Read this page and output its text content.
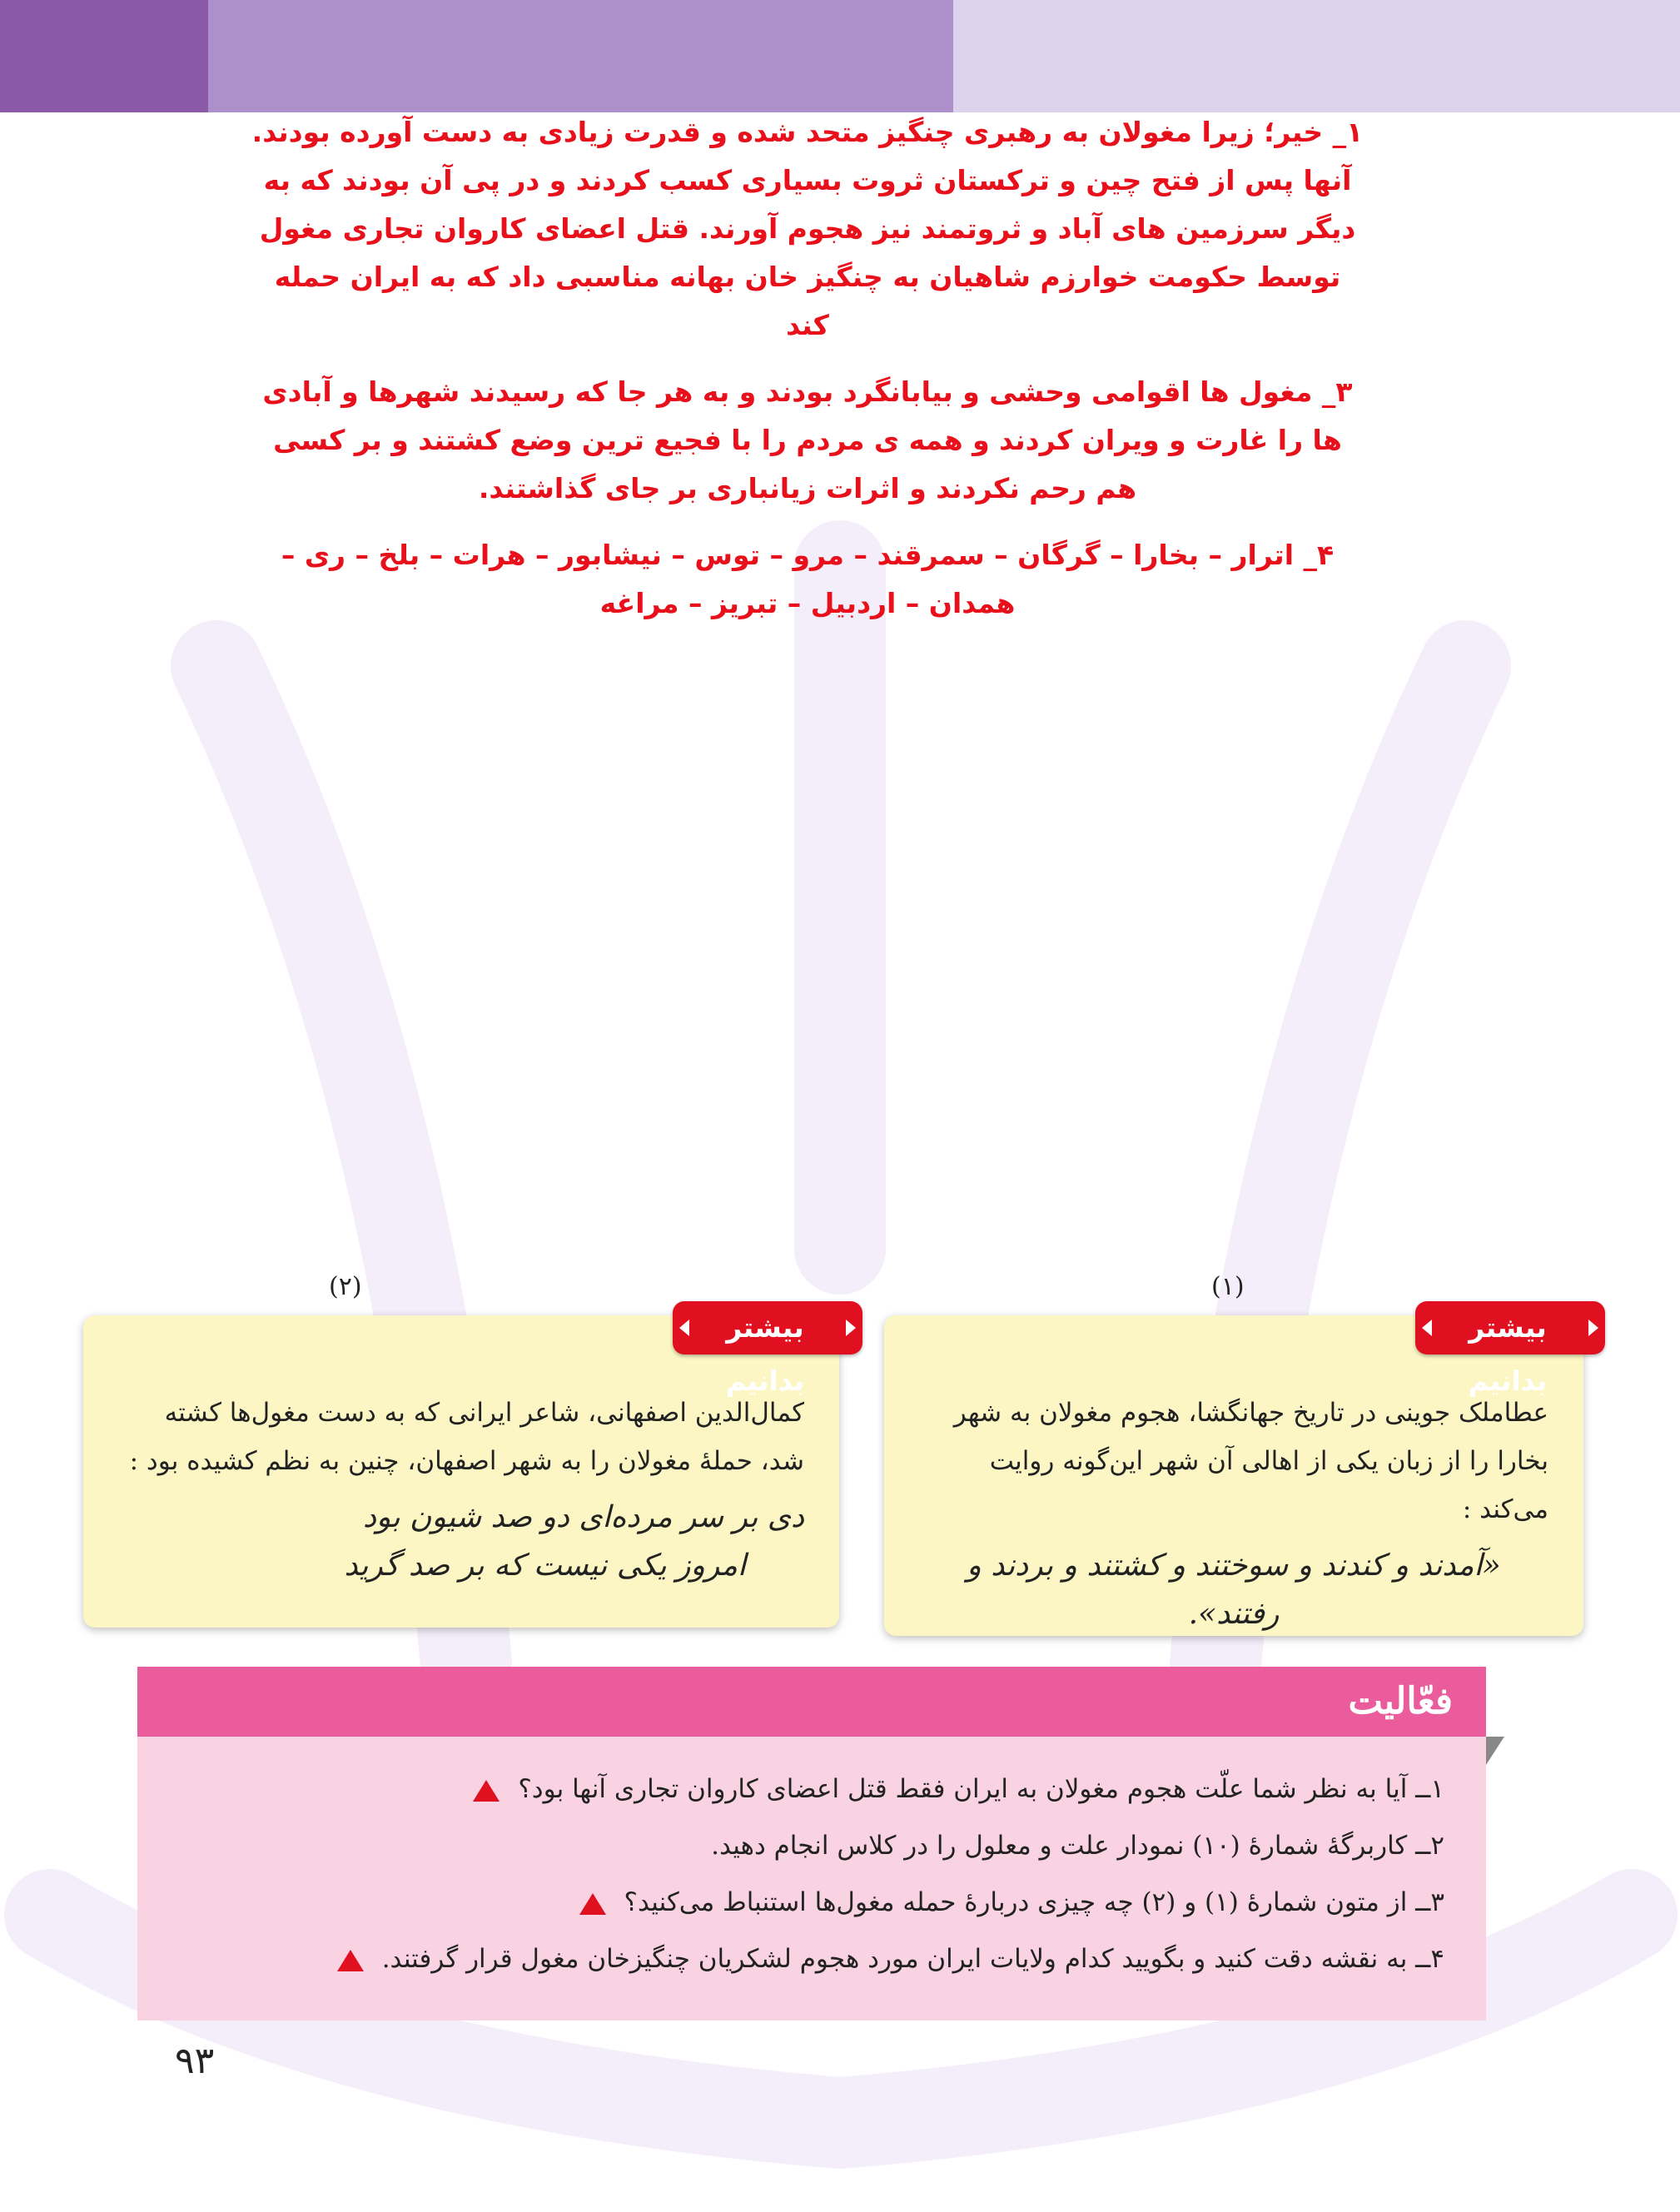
۱_ خیر؛ زیرا مغولان به رهبری چنگیز متحد شده و قدرت زیادی به دست آورده بودند. آنها پس از فتح چین و ترکستان ثروت بسیاری کسب کردند و در پی آن بودند که به دیگر سرزمین های آباد و ثروتمند نیز هجوم آورند. قتل اعضای کاروان تجاری مغول توسط حکومت خوارزم شاهیان به چنگیز خان بهانه مناسبی داد که به ایران حمله کند

۳_ مغول ها اقوامی وحشی و بیابانگرد بودند و به هر جا که رسیدند شهرها و آبادی ها را غارت و ویران کردند و همه ی مردم را با فجیع ترین وضع کشتند و بر کسی هم رحم نکردند و اثرات زیانباری بر جای گذاشتند.

۴_ اترار – بخارا – گرگان – سمرقند – مرو – توس – نیشابور – هرات – بلخ – ری – همدان – اردبیل – تبریز – مراغه

(۱)
عطاملک جوینی در تاریخ جهانگشا، هجوم مغولان به شهر بخارا را از زبان یکی از اهالی آن شهر این‌گونه روایت می‌کند :
«آمدند و کندند و سوختند و کشتند و بردند و رفتند».
بیشتر بدانیم
(۲)
کمال‌الدین اصفهانی، شاعر ایرانی که به دست مغول‌ها کشته شد، حملهٔ مغولان را به شهر اصفهان، چنین به نظم کشیده بود :
دی بر سر مرده‌ای دو صد شیون بود امروز یکی نیست که بر صد گرید
بیشتر بدانیم
فعّالیت
۱ــ آیا به نظر شما علّت هجوم مغولان به ایران فقط قتل اعضای کاروان تجاری آنها بود؟
۲ــ کاربرگهٔ شمارهٔ (۱۰) نمودار علت و معلول را در کلاس انجام دهید.
۳ــ از متون شمارهٔ (۱) و (۲) چه چیزی دربارهٔ حمله مغول‌ها استنباط می‌کنید؟
۴ــ به نقشه دقت کنید و بگویید کدام ولایات ایران مورد هجوم لشکریان چنگیزخان مغول قرار گرفتند.
۹۳
